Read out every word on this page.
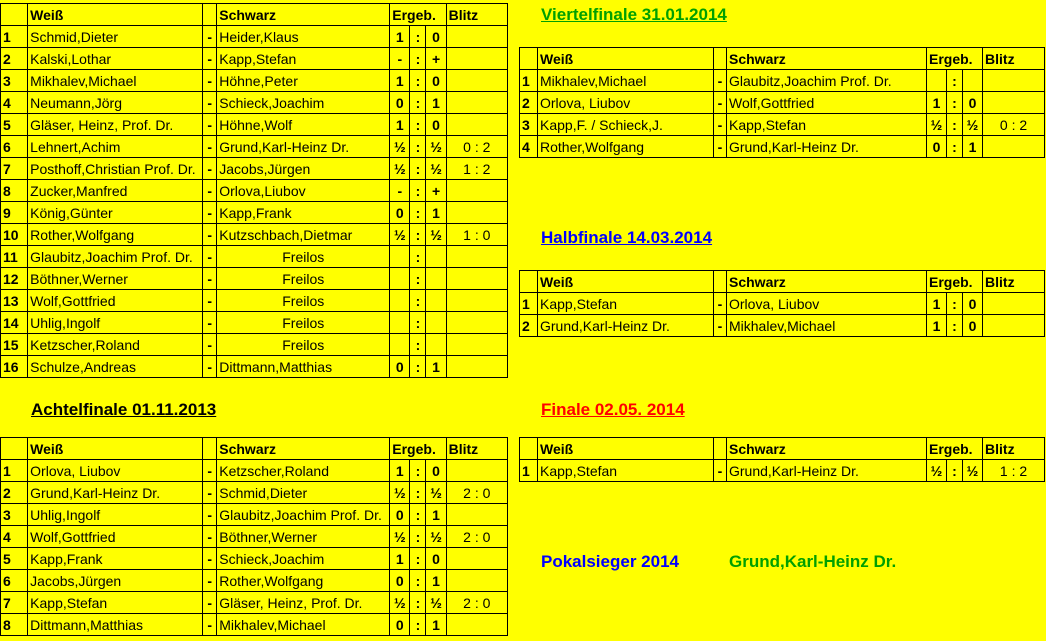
	Weiß		Schwarz	Ergeb.			Blitz
1	Schmid,Dieter	-	Heider,Klaus	1	:	0	
2	Kalski,Lothar	-	Kapp,Stefan	-	:	+	
3	Mikhalev,Michael	-	Höhne,Peter	1	:	0	
4	Neumann,Jörg	-	Schieck,Joachim	0	:	1	
5	Gläser, Heinz, Prof. Dr.	-	Höhne,Wolf	1	:	0	
6	Lehnert,Achim	-	Grund,Karl-Heinz Dr.	½	:	½	0 : 2
7	Posthoff,Christian Prof. Dr.	-	Jacobs,Jürgen	½	:	½	1 : 2
8	Zucker,Manfred	-	Orlova,Liubov	-	:	+	
9	König,Günter	-	Kapp,Frank	0	:	1	
10	Rother,Wolfgang	-	Kutzschbach,Dietmar	½	:	½	1 : 0
11	Glaubitz,Joachim Prof. Dr.	-	Freilos		:		
12	Böthner,Werner	-	Freilos		:		
13	Wolf,Gottfried	-	Freilos		:		
14	Uhlig,Ingolf	-	Freilos		:		
15	Ketzscher,Roland	-	Freilos		:		
16	Schulze,Andreas	-	Dittmann,Matthias	0	:	1	
Achtelfinale 01.11.2013
	Weiß		Schwarz	Ergeb.			Blitz
1	Orlova, Liubov	-	Ketzscher,Roland	1	:	0	
2	Grund,Karl-Heinz Dr.	-	Schmid,Dieter	½	:	½	2 : 0
3	Uhlig,Ingolf	-	Glaubitz,Joachim Prof. Dr.	0	:	1	
4	Wolf,Gottfried	-	Böthner,Werner	½	:	½	2 : 0
5	Kapp,Frank	-	Schieck,Joachim	1	:	0	
6	Jacobs,Jürgen	-	Rother,Wolfgang	0	:	1	
7	Kapp,Stefan	-	Gläser, Heinz, Prof. Dr.	½	:	½	2 : 0
8	Dittmann,Matthias	-	Mikhalev,Michael	0	:	1	
Viertelfinale 31.01.2014
	Weiß		Schwarz	Ergeb.			Blitz
1	Mikhalev,Michael	-	Glaubitz,Joachim Prof. Dr.		:		
2	Orlova, Liubov	-	Wolf,Gottfried	1	:	0	
3	Kapp,F. / Schieck,J.	-	Kapp,Stefan	½	:	½	0 : 2
4	Rother,Wolfgang	-	Grund,Karl-Heinz Dr.	0	:	1	
Halbfinale 14.03.2014
	Weiß		Schwarz	Ergeb.			Blitz
1	Kapp,Stefan	-	Orlova, Liubov	1	:	0	
2	Grund,Karl-Heinz Dr.	-	Mikhalev,Michael	1	:	0	
Finale 02.05. 2014
	Weiß		Schwarz	Ergeb.			Blitz
1	Kapp,Stefan	-	Grund,Karl-Heinz Dr.	½	:	½	1 : 2
Pokalsieger 2014	Grund,Karl-Heinz Dr.
